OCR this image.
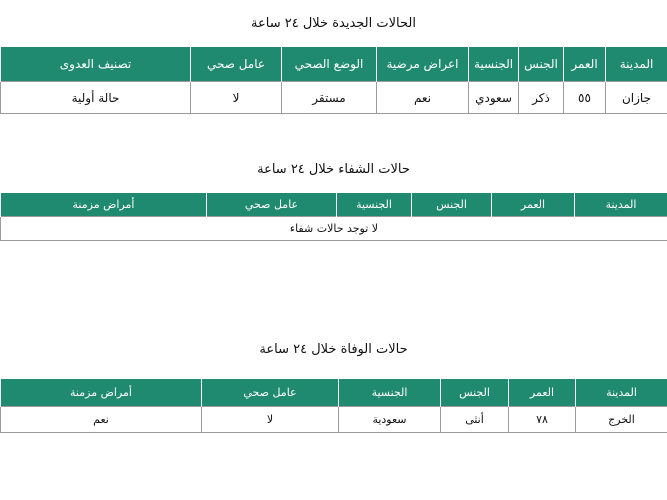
الحالات الجديدة خلال ٢٤ ساعة
المدينة	العمر	الجنس	الجنسية	اعراض مرضية	الوضع الصحي	عامل صحي	تصنيف العدوى
جازان	٥٥	ذكر	سعودي	نعم	مستقر	لا	حالة أولية
حالات الشفاء خلال ٢٤ ساعة
المدينة	العمر	الجنس	الجنسية	عامل صحي	أمراض مزمنة
لا توجد حالات شفاء
حالات الوفاة خلال ٢٤ ساعة
المدينة	العمر	الجنس	الجنسية	عامل صحي	أمراض مزمنة
الخرج	٧٨	أنثى	سعودية	لا	نعم
